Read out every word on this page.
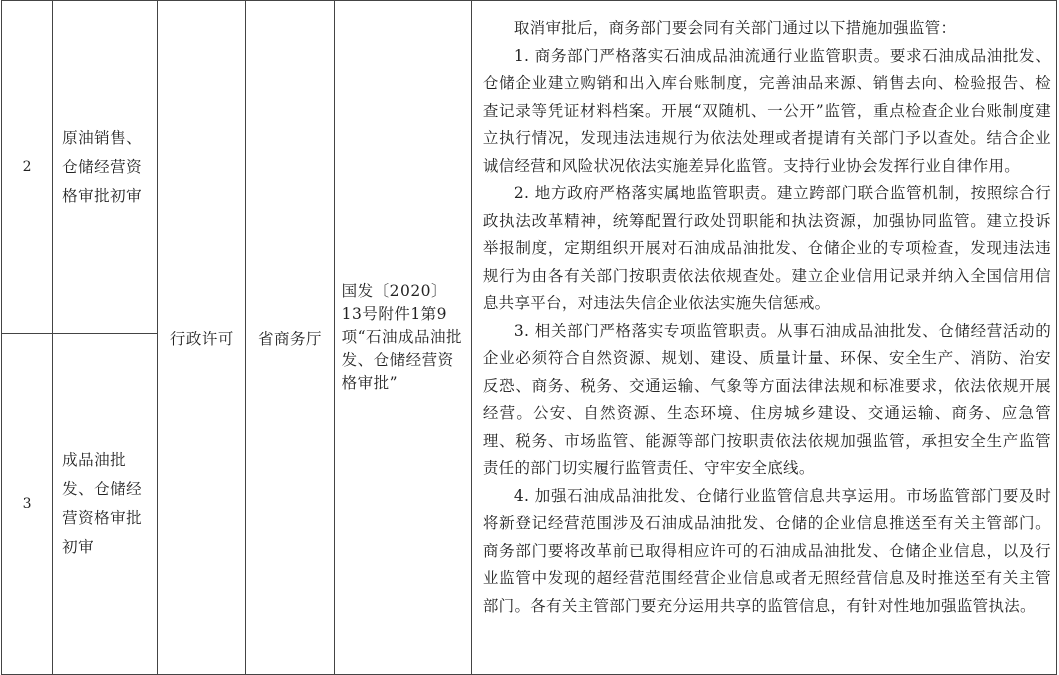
2	原油销售、仓储经营资格审批初审	行政许可	省商务厅	国发〔2020〕13号附件1第9项“石油成品油批发、仓储经营资格审批”	取消审批后，商务部门要会同有关部门通过以下措施加强监管：
1. 商务部门严格落实石油成品油流通行业监管职责。要求石油成品油批发、仓储企业建立购销和出入库台账制度，完善油品来源、销售去向、检验报告、检查记录等凭证材料档案。开展“双随机、一公开”监管，重点检查企业台账制度建立执行情况，发现违法违规行为依法处理或者提请有关部门予以查处。结合企业诚信经营和风险状况依法实施差异化监管。支持行业协会发挥行业自律作用。
2. 地方政府严格落实属地监管职责。建立跨部门联合监管机制，按照综合行政执法改革精神，统筹配置行政处罚职能和执法资源，加强协同监管。建立投诉举报制度，定期组织开展对石油成品油批发、仓储企业的专项检查，发现违法违规行为由各有关部门按职责依法依规查处。建立企业信用记录并纳入全国信用信息共享平台，对违法失信企业依法实施失信惩戒。
3. 相关部门严格落实专项监管职责。从事石油成品油批发、仓储经营活动的企业必须符合自然资源、规划、建设、质量计量、环保、安全生产、消防、治安反恐、商务、税务、交通运输、气象等方面法律法规和标准要求，依法依规开展经营。公安、自然资源、生态环境、住房城乡建设、交通运输、商务、应急管理、税务、市场监管、能源等部门按职责依法依规加强监管，承担安全生产监管责任的部门切实履行监管责任、守牢安全底线。
4. 加强石油成品油批发、仓储行业监管信息共享运用。市场监管部门要及时将新登记经营范围涉及石油成品油批发、仓储的企业信息推送至有关主管部门。商务部门要将改革前已取得相应许可的石油成品油批发、仓储企业信息，以及行业监管中发现的超经营范围经营企业信息或者无照经营信息及时推送至有关主管部门。各有关主管部门要充分运用共享的监管信息，有针对性地加强监管执法。

3	成品油批发、仓储经营资格审批初审				
